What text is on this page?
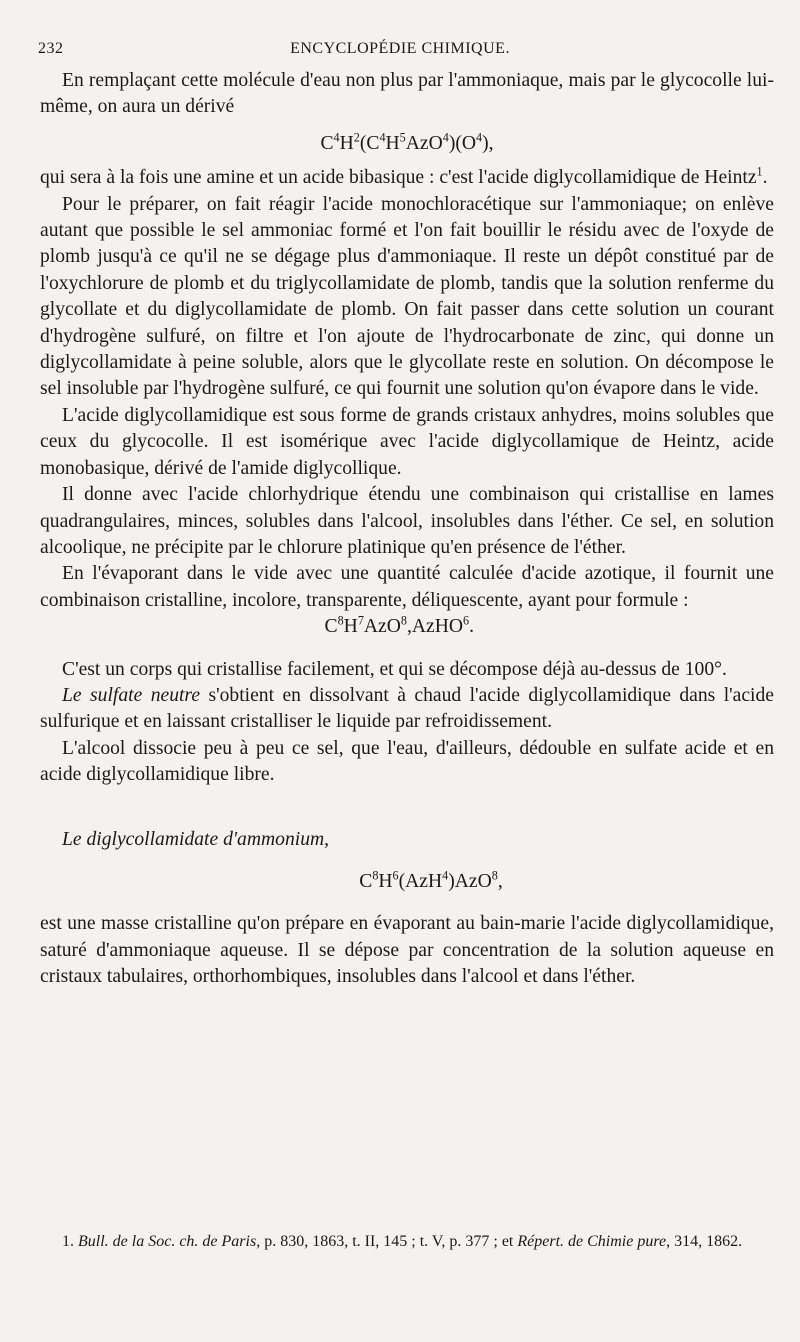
232	ENCYCLOPÉDIE CHIMIQUE.

En remplaçant cette molécule d'eau non plus par l'ammoniaque, mais par le glycocolle lui-même, on aura un dérivé

$C^4H^2(C^4H^5AzO^4)(O^4)$,

qui sera à la fois une amine et un acide bibasique : c'est l'acide diglycollamidique de Heintz$^1$.

Pour le préparer, on fait réagir l'acide monochloracétique sur l'ammoniaque; on enlève autant que possible le sel ammoniac formé et l'on fait bouillir le résidu avec de l'oxyde de plomb jusqu'à ce qu'il ne se dégage plus d'ammoniaque. Il reste un dépôt constitué par de l'oxychlorure de plomb et du triglycollamidate de plomb, tandis que la solution renferme du glycollate et du diglycollamidate de plomb. On fait passer dans cette solution un courant d'hydrogène sulfuré, on filtre et l'on ajoute de l'hydrocarbonate de zinc, qui donne un diglycollamidate à peine soluble, alors que le glycollate reste en solution. On décompose le sel insoluble par l'hydrogène sulfuré, ce qui fournit une solution qu'on évapore dans le vide.

L'acide diglycollamidique est sous forme de grands cristaux anhydres, moins solubles que ceux du glycocolle. Il est isomérique avec l'acide diglycollamique de Heintz, acide monobasique, dérivé de l'amide diglycollique.

Il donne avec l'acide chlorhydrique étendu une combinaison qui cristallise en lames quadrangulaires, minces, solubles dans l'alcool, insolubles dans l'éther. Ce sel, en solution alcoolique, ne précipite par le chlorure platinique qu'en présence de l'éther.

En l'évaporant dans le vide avec une quantité calculée d'acide azotique, il fournit une combinaison cristalline, incolore, transparente, déliquescente, ayant pour formule :

$C^8H^7AzO^8,AzHO^6$.

C'est un corps qui cristallise facilement, et qui se décompose déjà au-dessus de 100°.

Le sulfate neutre s'obtient en dissolvant à chaud l'acide diglycollamidique dans l'acide sulfurique et en laissant cristalliser le liquide par refroidissement.

L'alcool dissocie peu à peu ce sel, que l'eau, d'ailleurs, dédouble en sulfate acide et en acide diglycollamidique libre.

Le diglycollamidate d'ammonium,

$C^8H^6(AzH^4)AzO^8$,

est une masse cristalline qu'on prépare en évaporant au bain-marie l'acide diglycollamidique, saturé d'ammoniaque aqueuse. Il se dépose par concentration de la solution aqueuse en cristaux tabulaires, orthorhombiques, insolubles dans l'alcool et dans l'éther.

1. Bull. de la Soc. ch. de Paris, p. 830, 1863, t. II, 145 ; t. V, p. 377 ; et Répert. de Chimie pure, 314, 1862.
